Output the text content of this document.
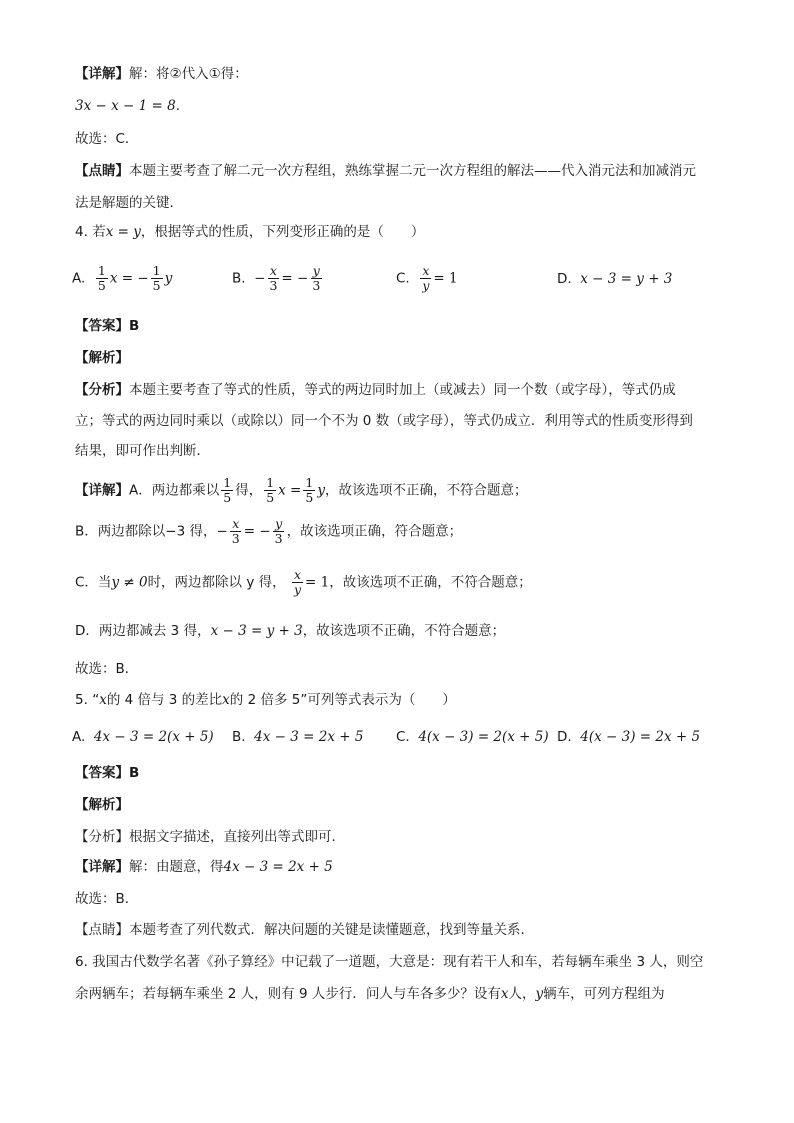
【详解】解：将②代入①得：
3x − x − 1 = 8.
故选：C．
【点睛】本题主要考查了解二元一次方程组，熟练掌握二元一次方程组的解法——代入消元法和加减消元
法是解题的关键．
4. 若x = y，根据等式的性质，下列变形正确的是（　　）
A. $\frac{1}{5}$ x = − $\frac{1}{5}$ y	B. − $\frac{x}{3}$ = − $\frac{y}{3}$	C. $\frac{x}{y} = 1$	D. x − 3 = y + 3
【答案】B
【解析】
【分析】本题主要考查了等式的性质，等式的两边同时加上（或减去）同一个数（或字母），等式仍成
立；等式的两边同时乘以（或除以）同一个不为 0 数（或字母），等式仍成立．利用等式的性质变形得到
结果，即可作出判断．
【详解】A．两边都乘以 $\frac{1}{5}$ 得， $\frac{1}{5}$ $x = \frac{1}{5}$ y，故该选项不正确，不符合题意；
B．两边都除以−3 得，− $\frac{x}{3}$ = − $\frac{y}{3}$ ，故该选项正确，符合题意；
C．当y ≠ 0时，两边都除以 y 得， $\frac{x}{y} = 1$，故该选项不正确，不符合题意；
D．两边都减去 3 得，x − 3 = y + 3，故该选项不正确，不符合题意；
故选：B．
5. “x的 4 倍与 3 的差比x的 2 倍多 5”可列等式表示为（　　）
A. 4x − 3 = 2(x + 5) B. 4x − 3 = 2x + 5 C. 4(x − 3) = 2(x + 5) D. 4(x − 3) = 2x + 5
【答案】B
【解析】
【分析】根据文字描述，直接列出等式即可．
【详解】解：由题意，得4x − 3 = 2x + 5
故选：B．
【点睛】本题考查了列代数式．解决问题的关键是读懂题意，找到等量关系．
6. 我国古代数学名著《孙子算经》中记载了一道题，大意是：现有若干人和车，若每辆车乘坐 3 人，则空
余两辆车；若每辆车乘坐 2 人，则有 9 人步行．问人与车各多少？设有x人，y辆车，可列方程组为
